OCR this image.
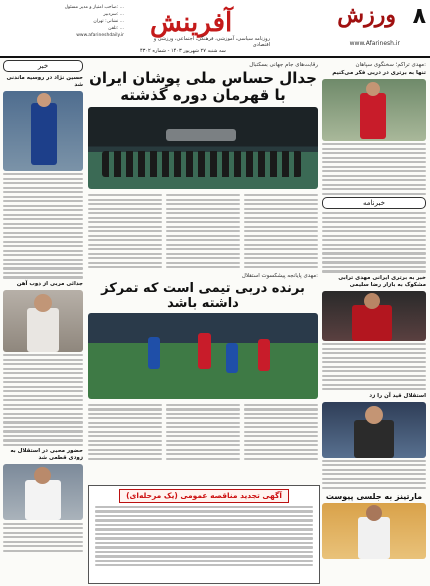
۸
ورزش
www.Afarinesh.ir
آفرینش
روزنامه سیاسی، آموزشی، فرهنگی، اجتماعی، ورزشی و اقتصادی
سه شنبه ۲۷ شهریور ۱۴۰۳ - شماره ۴۳۰۲
صاحب امتیاز و مدیر مسئول: ...
سردبیر: ...
نشانی: تهران ...
تلفن: ...
www.afarineshdaily.ir
خبر
حسین نژاد در روسیه ماندنی شد
جدائی مربی از ذوب آهن
حضور محبی در استقلال به زودی قطعی شد
رقابت‌های جام جهانی بسکتبال
جدال حساس ملی پوشان ایران با قهرمان دوره گذشته
مهدی پایانجه پیشکسوت استقلال:
برنده دربی تیمی است که تمرکز داشته باشد
آگهی تجدید مناقصه عمومی (یک مرحله‌ای)
مهدی تراکم؛ سخنگوی سپاهان:
تنها به برتری در دربی فکر می‌کنیم
خبرنامه
خبر به برتری ایرانی مهدی ترابی مشکوک به بازار رضا سلیمی
استقلال قید آن را زد
مارتینز به جلسی پیوست
